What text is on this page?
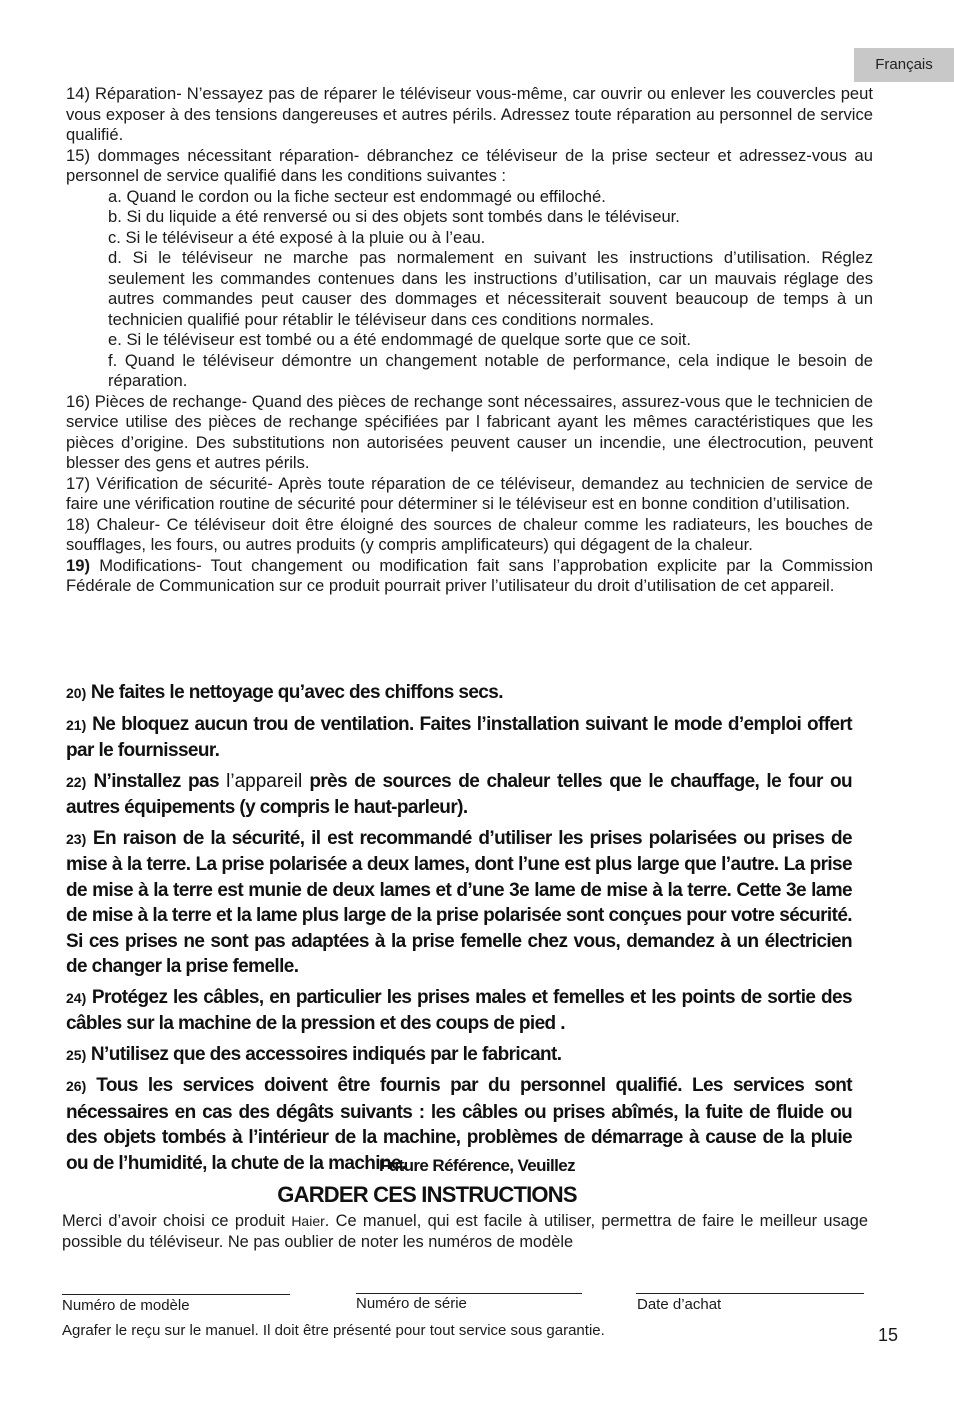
Français

14) Réparation- N’essayez pas de réparer le téléviseur vous-même, car ouvrir ou enlever les couvercles peut vous exposer à des tensions dangereuses et autres périls. Adressez toute réparation au personnel de service qualifié.

15) dommages nécessitant réparation- débranchez ce téléviseur de la prise secteur et adressez-vous au personnel de service qualifié dans les conditions suivantes :

a. Quand le cordon ou la fiche secteur est endommagé ou effiloché.

b. Si du liquide a été renversé ou si des objets sont tombés dans le téléviseur.

c. Si le téléviseur a été exposé à la pluie ou à l’eau.

d. Si le téléviseur ne marche pas normalement en suivant les instructions d’utilisation. Réglez seulement les commandes contenues dans les instructions d’utilisation, car un mauvais réglage des autres commandes peut causer des dommages et nécessiterait souvent beaucoup de temps à un technicien qualifié pour rétablir le téléviseur dans ces conditions normales.

e. Si le téléviseur est tombé ou a été endommagé de quelque sorte que ce soit.

f. Quand le téléviseur démontre un changement notable de performance, cela indique le besoin de réparation.

16) Pièces de rechange- Quand des pièces de rechange sont nécessaires, assurez-vous que le technicien de service utilise des pièces de rechange spécifiées par l fabricant ayant les mêmes caractéristiques que les pièces d’origine. Des substitutions non autorisées peuvent causer un incendie, une électrocution, peuvent blesser des gens et autres périls.

17) Vérification de sécurité- Après toute réparation de ce téléviseur, demandez au technicien de service de faire une vérification routine de sécurité pour déterminer si le téléviseur est en bonne condition d’utilisation.

18) Chaleur- Ce téléviseur doit être éloigné des sources de chaleur comme les radiateurs, les bouches de soufflages, les fours, ou autres produits (y compris amplificateurs) qui dégagent de la chaleur.

19) Modifications- Tout changement ou modification fait sans l’approbation explicite par la Commission Fédérale de Communication sur ce produit pourrait priver l’utilisateur du droit d’utilisation de cet appareil.

20) Ne faites le nettoyage qu’avec des chiffons secs.

21) Ne bloquez aucun trou de ventilation. Faites l’installation suivant le mode d’emploi offert par le fournisseur.

22) N’installez pas l’appareil près de sources de chaleur telles que le chauffage, le four ou autres équipements (y compris le haut-parleur).

23) En raison de la sécurité, il est recommandé d’utiliser les prises polarisées ou prises de mise à la terre. La prise polarisée a deux lames, dont l’une est plus large que l’autre. La prise de mise à la terre est munie de deux lames et d’une 3e lame de mise à la terre. Cette 3e lame de mise à la terre et la lame plus large de la prise polarisée sont conçues pour votre sécurité. Si ces prises ne sont pas adaptées à la prise femelle chez vous, demandez à un électricien de changer la prise femelle.

24) Protégez les câbles, en particulier les prises males et femelles et les points de sortie des câbles sur la machine de la pression et des coups de pied .

25) N’utilisez que des accessoires indiqués par le fabricant.

26) Tous les services doivent être fournis par du personnel qualifié. Les services sont nécessaires en cas des dégâts suivants : les câbles ou prises abîmés, la fuite de fluide ou des objets tombés à l’intérieur de la machine, problèmes de démarrage à cause de la pluie ou de l’humidité, la chute de la machine.

Future Référence, Veuillez
GARDER CES INSTRUCTIONS
Merci d’avoir choisi ce produit Haier. Ce manuel, qui est facile à utiliser, permettra de faire le meilleur usage possible du téléviseur. Ne pas oublier de noter les numéros de modèle
Numéro de modèle	Numéro de série	Date d’achat
Agrafer le reçu sur le manuel. Il doit être présenté pour tout service sous garantie.	15
